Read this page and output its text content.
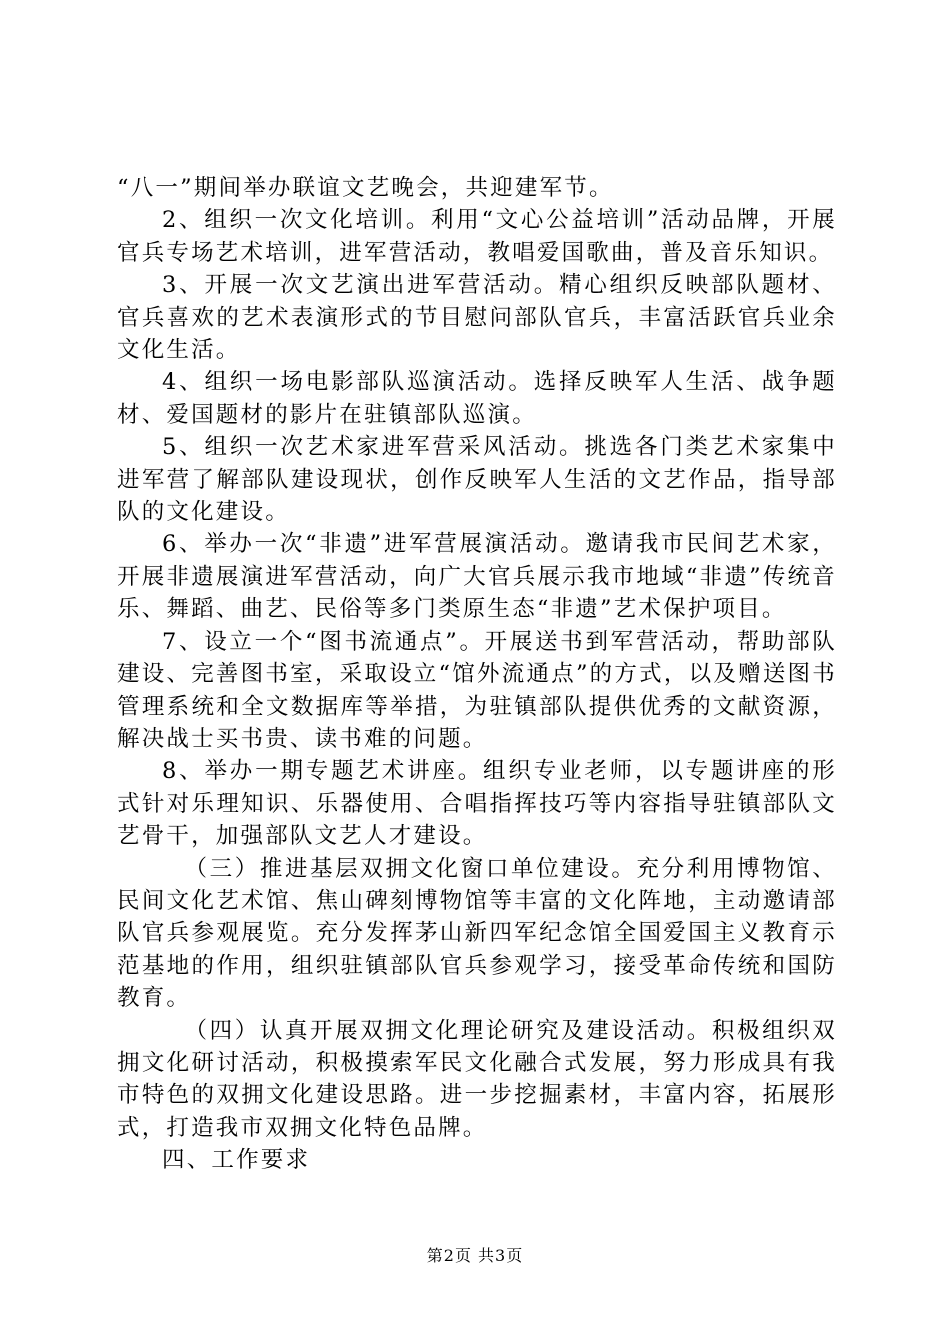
“八一”期间举办联谊文艺晚会，共迎建军节。

2、组织一次文化培训。利用“文心公益培训”活动品牌，开展官兵专场艺术培训，进军营活动，教唱爱国歌曲，普及音乐知识。

3、开展一次文艺演出进军营活动。精心组织反映部队题材、官兵喜欢的艺术表演形式的节目慰问部队官兵，丰富活跃官兵业余文化生活。

4、组织一场电影部队巡演活动。选择反映军人生活、战争题材、爱国题材的影片在驻镇部队巡演。

5、组织一次艺术家进军营采风活动。挑选各门类艺术家集中进军营了解部队建设现状，创作反映军人生活的文艺作品，指导部队的文化建设。

6、举办一次“非遗”进军营展演活动。邀请我市民间艺术家，开展非遗展演进军营活动，向广大官兵展示我市地域“非遗”传统音乐、舞蹈、曲艺、民俗等多门类原生态“非遗”艺术保护项目。

7、设立一个“图书流通点”。开展送书到军营活动，帮助部队建设、完善图书室，采取设立“馆外流通点”的方式，以及赠送图书管理系统和全文数据库等举措，为驻镇部队提供优秀的文献资源，解决战士买书贵、读书难的问题。

8、举办一期专题艺术讲座。组织专业老师，以专题讲座的形式针对乐理知识、乐器使用、合唱指挥技巧等内容指导驻镇部队文艺骨干，加强部队文艺人才建设。

（三）推进基层双拥文化窗口单位建设。充分利用博物馆、民间文化艺术馆、焦山碑刻博物馆等丰富的文化阵地，主动邀请部队官兵参观展览。充分发挥茅山新四军纪念馆全国爱国主义教育示范基地的作用，组织驻镇部队官兵参观学习，接受革命传统和国防教育。

（四）认真开展双拥文化理论研究及建设活动。积极组织双拥文化研讨活动，积极摸索军民文化融合式发展，努力形成具有我市特色的双拥文化建设思路。进一步挖掘素材，丰富内容，拓展形式，打造我市双拥文化特色品牌。

四、工作要求

第2页 共3页
